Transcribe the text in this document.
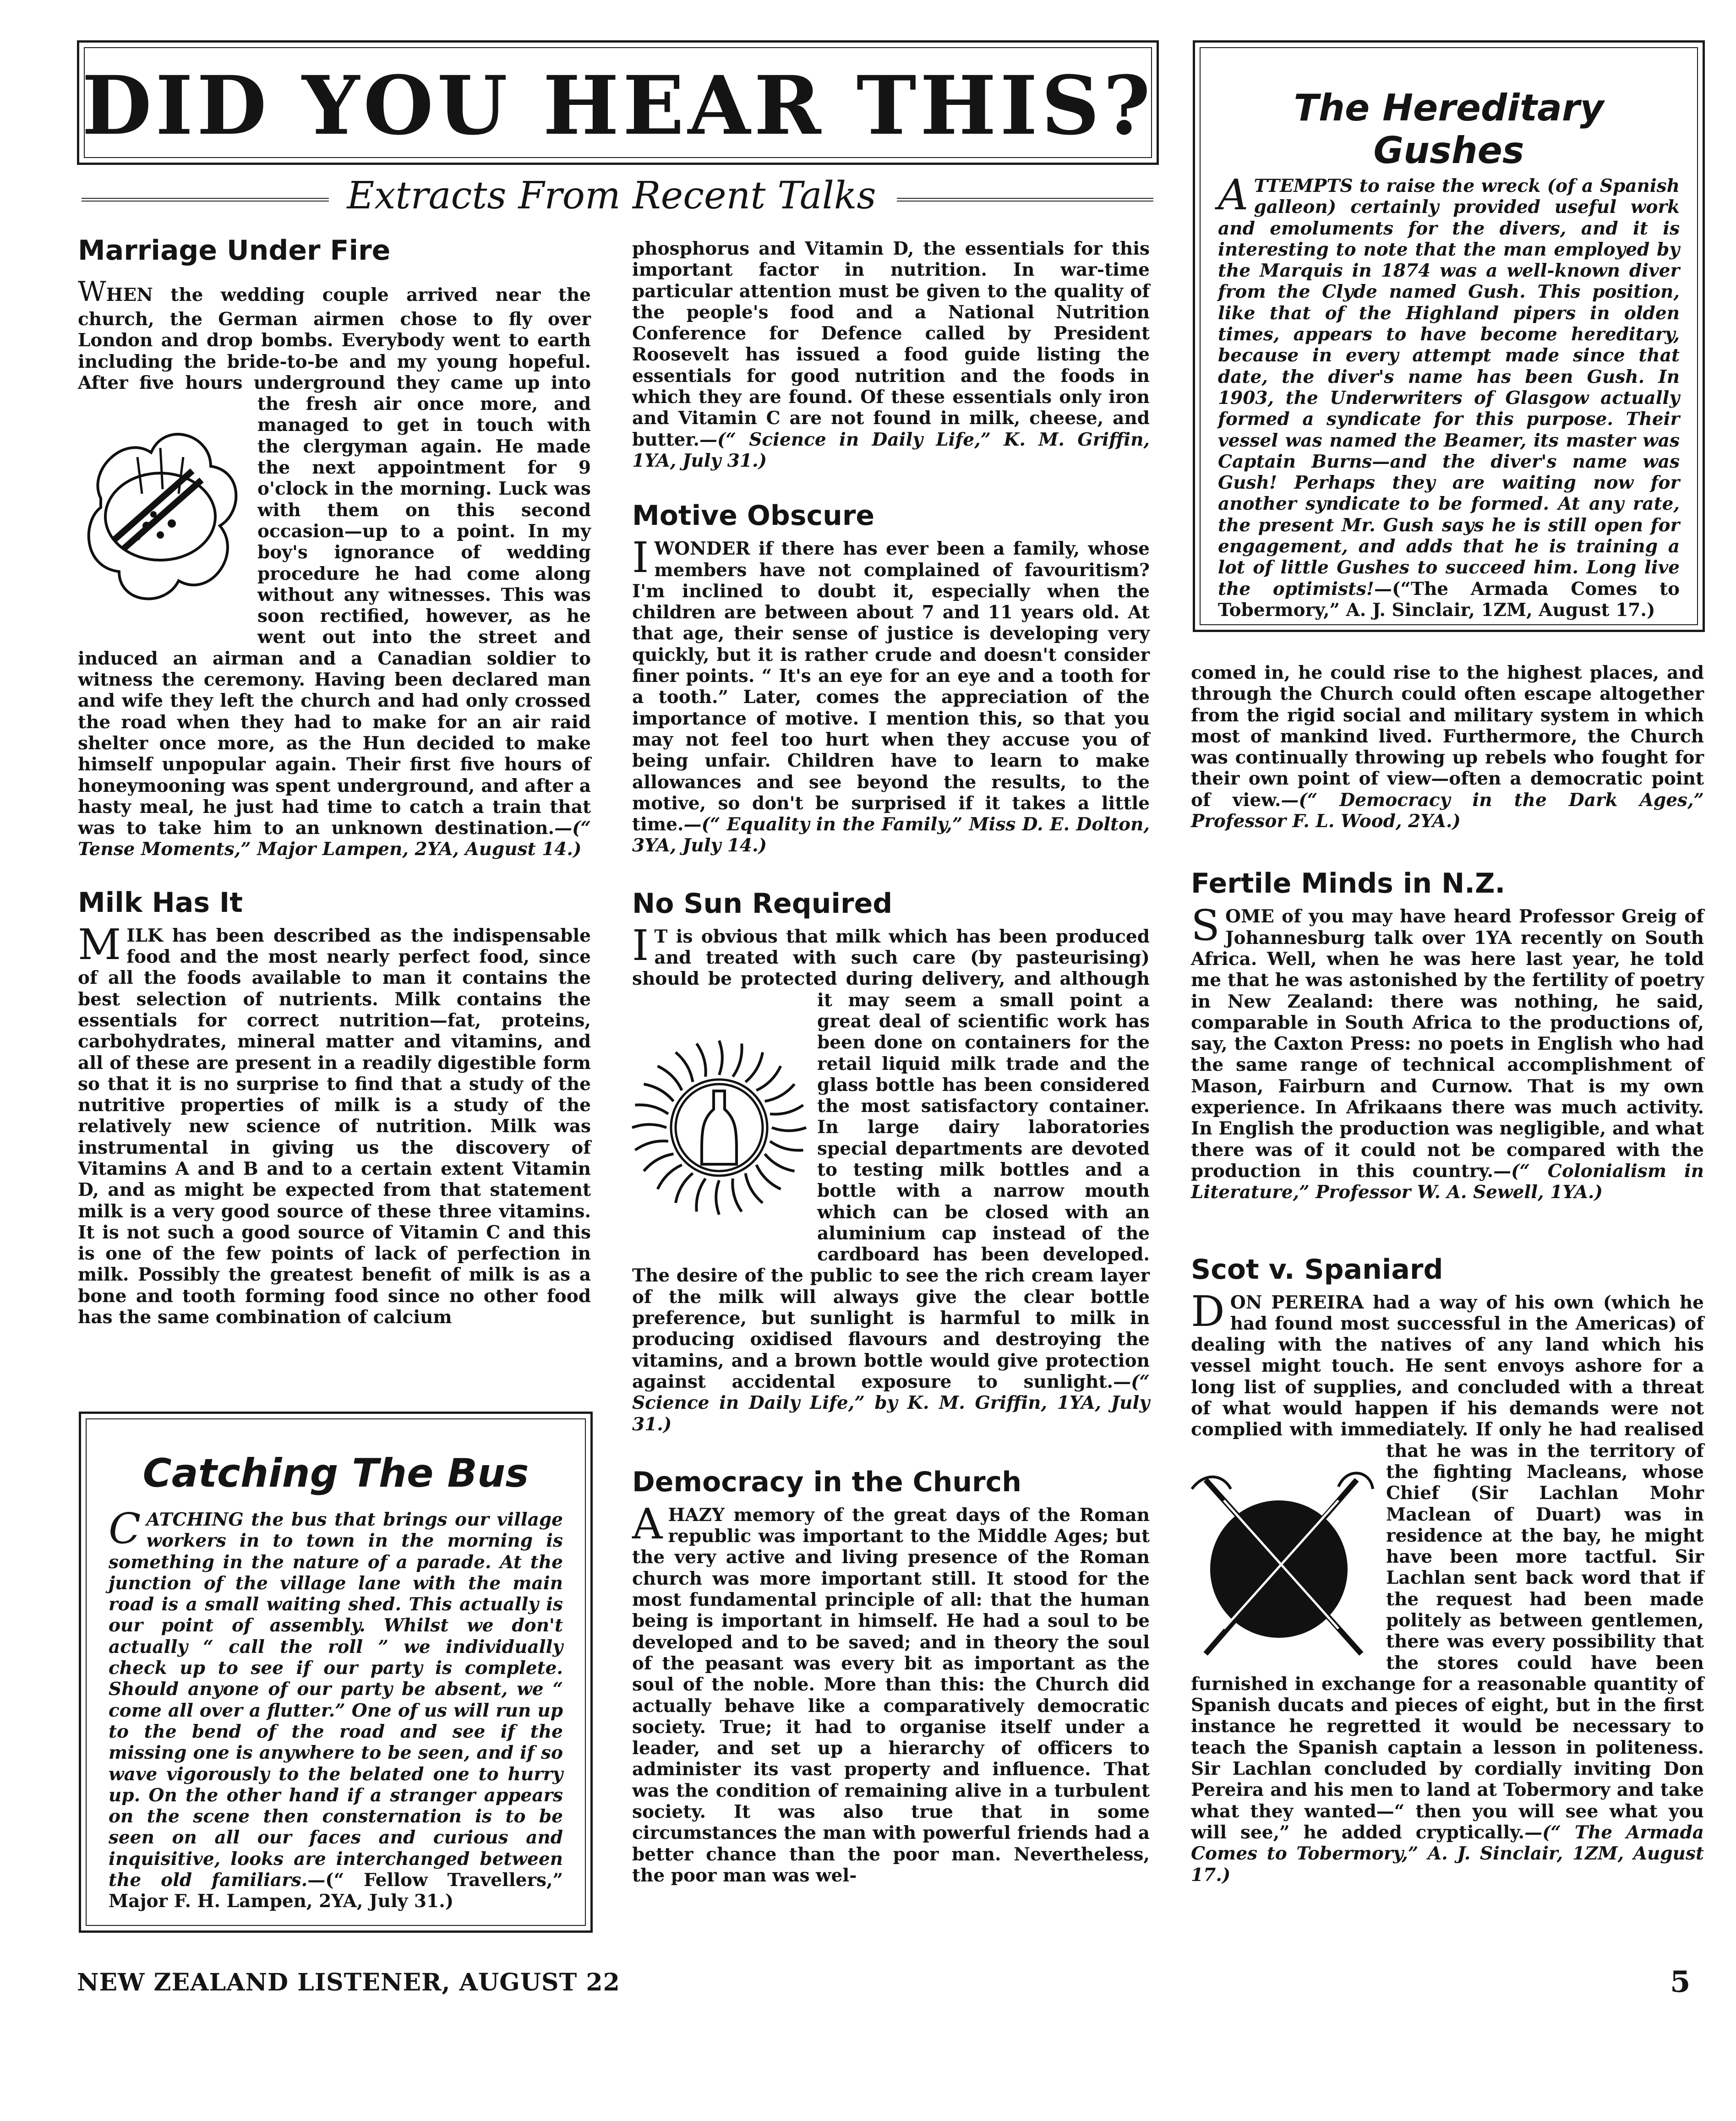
DID YOU HEAR THIS?
Extracts From Recent Talks
Marriage Under Fire

WHEN the wedding couple arrived near the church, the German airmen chose to fly over London and drop bombs. Everybody went to earth including the bride-to-be and my young hopeful. After five hours underground they came up into the fresh air once more, and managed to get in touch with the clergyman again. He made the next appointment for 9 o'clock in the morning. Luck was with them on this second occasion—up to a point. In my boy's ignorance of wedding procedure he had come along without any witnesses. This was soon rectified, however, as he went out into the street and induced an airman and a Canadian soldier to witness the ceremony. Having been declared man and wife they left the church and had only crossed the road when they had to make for an air raid shelter once more, as the Hun decided to make himself unpopular again. Their first five hours of honeymooning was spent underground, and after a hasty meal, he just had time to catch a train that was to take him to an unknown destination.—(“ Tense Moments,” Major Lampen, 2YA, August 14.)

Milk Has It

MILK has been described as the indispensable food and the most nearly perfect food, since of all the foods available to man it contains the best selection of nutrients. Milk contains the essentials for correct nutrition—fat, proteins, carbohydrates, mineral matter and vitamins, and all of these are present in a readily digestible form so that it is no surprise to find that a study of the nutritive properties of milk is a study of the relatively new science of nutrition. Milk was instrumental in giving us the discovery of Vitamins A and B and to a certain extent Vitamin D, and as might be expected from that statement milk is a very good source of these three vitamins. It is not such a good source of Vitamin C and this is one of the few points of lack of perfection in milk. Possibly the greatest benefit of milk is as a bone and tooth forming food since no other food has the same combination of calcium

Catching The Bus

CATCHING the bus that brings our village workers in to town in the morning is something in the nature of a parade. At the junction of the village lane with the main road is a small waiting shed. This actually is our point of assembly. Whilst we don't actually “ call the roll ” we individually check up to see if our party is complete. Should anyone of our party be absent, we “ come all over a flutter.” One of us will run up to the bend of the road and see if the missing one is anywhere to be seen, and if so wave vigorously to the belated one to hurry up. On the other hand if a stranger appears on the scene then consternation is to be seen on all our faces and curious and inquisitive, looks are interchanged between the old familiars.—(“ Fellow Travellers,” Major F. H. Lampen, 2YA, July 31.)

phosphorus and Vitamin D, the essentials for this important factor in nutrition. In war-time particular attention must be given to the quality of the people's food and a National Nutrition Conference for Defence called by President Roosevelt has issued a food guide listing the essentials for good nutrition and the foods in which they are found. Of these essentials only iron and Vitamin C are not found in milk, cheese, and butter.—(“ Science in Daily Life,” K. M. Griffin, 1YA, July 31.)

Motive Obscure

IWONDER if there has ever been a family, whose members have not complained of favouritism? I'm inclined to doubt it, especially when the children are between about 7 and 11 years old. At that age, their sense of justice is developing very quickly, but it is rather crude and doesn't consider finer points. “ It's an eye for an eye and a tooth for a tooth.” Later, comes the appreciation of the importance of motive. I mention this, so that you may not feel too hurt when they accuse you of being unfair. Children have to learn to make allowances and see beyond the results, to the motive, so don't be surprised if it takes a little time.—(“ Equality in the Family,” Miss D. E. Dolton, 3YA, July 14.)

No Sun Required

I T is obvious that milk which has been produced and treated with such care (by pasteurising) should be protected during delivery, and although it may seem a small point a great deal of scientific work has been done on containers for the retail liquid milk trade and the glass bottle has been considered the most satisfactory container. In large dairy laboratories special departments are devoted to testing milk bottles and a bottle with a narrow mouth which can be closed with an aluminium cap instead of the cardboard has been developed. The desire of the public to see the rich cream layer of the milk will always give the clear bottle preference, but sunlight is harmful to milk in producing oxidised flavours and destroying the vitamins, and a brown bottle would give protection against accidental exposure to sunlight.—(“ Science in Daily Life,” by K. M. Griffin, 1YA, July 31.)

Democracy in the Church

AHAZY memory of the great days of the Roman republic was important to the Middle Ages; but the very active and living presence of the Roman church was more important still. It stood for the most fundamental principle of all: that the human being is important in himself. He had a soul to be developed and to be saved; and in theory the soul of the peasant was every bit as important as the soul of the noble. More than this: the Church did actually behave like a comparatively democratic society. True; it had to organise itself under a leader, and set up a hierarchy of officers to administer its vast property and influence. That was the condition of remaining alive in a turbulent society. It was also true that in some circumstances the man with powerful friends had a better chance than the poor man. Nevertheless, the poor man was wel-

The Hereditary Gushes

ATTEMPTS to raise the wreck (of a Spanish galleon) certainly provided useful work and emoluments for the divers, and it is interesting to note that the man employed by the Marquis in 1874 was a well-known diver from the Clyde named Gush. This position, like that of the Highland pipers in olden times, appears to have become hereditary, because in every attempt made since that date, the diver's name has been Gush. In 1903, the Underwriters of Glasgow actually formed a syndicate for this purpose. Their vessel was named the Beamer, its master was Captain Burns—and the diver's name was Gush! Perhaps they are waiting now for another syndicate to be formed. At any rate, the present Mr. Gush says he is still open for engagement, and adds that he is training a lot of little Gushes to succeed him. Long live the optimists!—(“The Armada Comes to Tobermory,” A. J. Sinclair, 1ZM, August 17.)

comed in, he could rise to the highest places, and through the Church could often escape altogether from the rigid social and military system in which most of mankind lived. Furthermore, the Church was continually throwing up rebels who fought for their own point of view—often a democratic point of view.—(“ Democracy in the Dark Ages,” Professor F. L. Wood, 2YA.)

Fertile Minds in N.Z.

SOME of you may have heard Professor Greig of Johannesburg talk over 1YA recently on South Africa. Well, when he was here last year, he told me that he was astonished by the fertility of poetry in New Zealand: there was nothing, he said, comparable in South Africa to the productions of, say, the Caxton Press: no poets in English who had the same range of technical accomplishment of Mason, Fairburn and Curnow. That is my own experience. In Afrikaans there was much activity. In English the production was negligible, and what there was of it could not be compared with the production in this country.—(“ Colonialism in Literature,” Professor W. A. Sewell, 1YA.)

Scot v. Spaniard

D ON PEREIRA had a way of his own (which he had found most successful in the Americas) of dealing with the natives of any land which his vessel might touch. He sent envoys ashore for a long list of supplies, and concluded with a threat of what would happen if his demands were not complied with immediately. If only he had realised that he was in the territory of the fighting Macleans, whose Chief (Sir Lachlan Mohr Maclean of Duart) was in residence at the bay, he might have been more tactful. Sir Lachlan sent back word that if the request had been made politely as between gentlemen, there was every possibility that the stores could have been furnished in exchange for a reasonable quantity of Spanish ducats and pieces of eight, but in the first instance he regretted it would be necessary to teach the Spanish captain a lesson in politeness. Sir Lachlan concluded by cordially inviting Don Pereira and his men to land at Tobermory and take what they wanted—“ then you will see what you will see,” he added cryptically.—(“ The Armada Comes to Tobermory,” A. J. Sinclair, 1ZM, August 17.)

NEW ZEALAND LISTENER, AUGUST 22	5
